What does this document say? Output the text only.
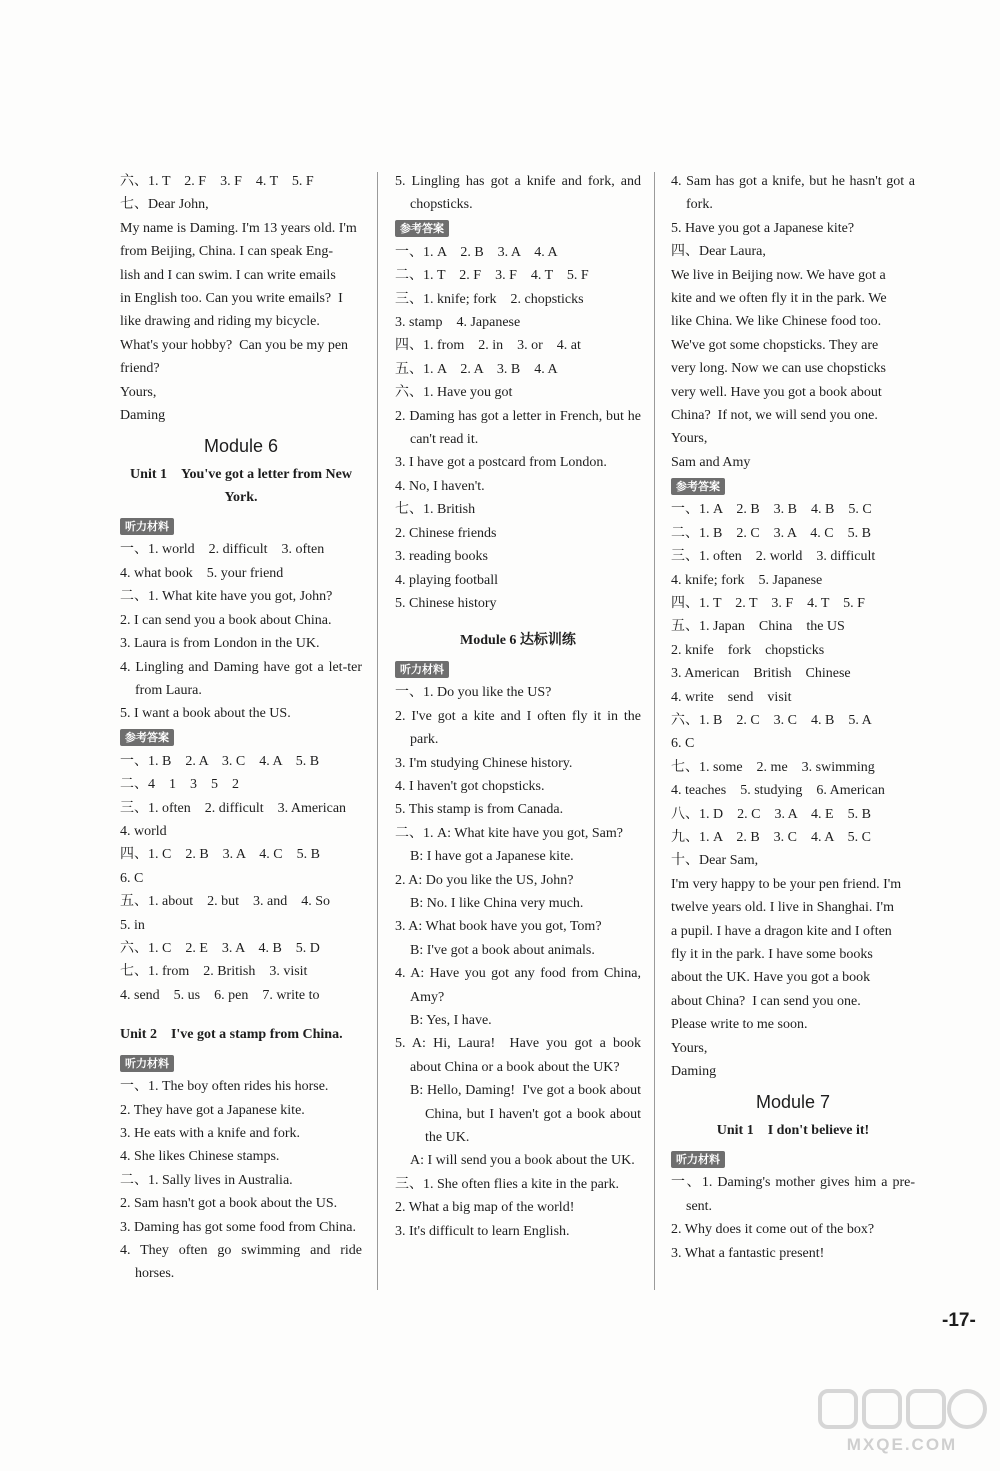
六、1. T　2. F　3. F　4. T　5. F
七、Dear John,
My name is Daming. I'm 13 years old. I'm
from Beijing, China. I can speak Eng-
lish and I can swim. I can write emails
in English too. Can you write emails?  I
like drawing and riding my bicycle.
What's your hobby?  Can you be my pen
friend?
Yours,
Daming
Module 6
Unit 1　You've got a letter from New York.
听力材料
一、1. world　2. difficult　3. often
4. what book　5. your friend
二、1. What kite have you got, John?
2. I can send you a book about China.
3. Laura is from London in the UK.
4. Lingling and Daming have got a let-ter from Laura.
5. I want a book about the US.
参考答案
一、1. B　2. A　3. C　4. A　5. B
二、4　1　3　5　2
三、1. often　2. difficult　3. American
4. world
四、1. C　2. B　3. A　4. C　5. B
6. C
五、1. about　2. but　3. and　4. So
5. in
六、1. C　2. E　3. A　4. B　5. D
七、1. from　2. British　3. visit
4. send　5. us　6. pen　7. write to
Unit 2　I've got a stamp from China.
听力材料
一、1. The boy often rides his horse.
2. They have got a Japanese kite.
3. He eats with a knife and fork.
4. She likes Chinese stamps.
二、1. Sally lives in Australia.
2. Sam hasn't got a book about the US.
3. Daming has got some food from China.
4. They often go swimming and ride horses.
5. Lingling has got a knife and fork, and chopsticks.
参考答案
一、1. A　2. B　3. A　4. A
二、1. T　2. F　3. F　4. T　5. F
三、1. knife; fork　2. chopsticks
3. stamp　4. Japanese
四、1. from　2. in　3. or　4. at
五、1. A　2. A　3. B　4. A
六、1. Have you got
2. Daming has got a letter in French, but he can't read it.
3. I have got a postcard from London.
4. No, I haven't.
七、1. British
2. Chinese friends
3. reading books
4. playing football
5. Chinese history
Module 6 达标训练
听力材料
一、1. Do you like the US?
2. I've got a kite and I often fly it in the park.
3. I'm studying Chinese history.
4. I haven't got chopsticks.
5. This stamp is from Canada.
二、1. A: What kite have you got, Sam?
B: I have got a Japanese kite.
2. A: Do you like the US, John?
B: No. I like China very much.
3. A: What book have you got, Tom?
B: I've got a book about animals.
4. A: Have you got any food from China, Amy?
B: Yes, I have.
5. A: Hi, Laura!  Have you got a book about China or a book about the UK?
B: Hello, Daming!  I've got a book about China, but I haven't got a book about the UK.
A: I will send you a book about the UK.
三、1. She often flies a kite in the park.
2. What a big map of the world!
3. It's difficult to learn English.
4. Sam has got a knife, but he hasn't got a fork.
5. Have you got a Japanese kite?
四、Dear Laura,
We live in Beijing now. We have got a
kite and we often fly it in the park. We
like China. We like Chinese food too.
We've got some chopsticks. They are
very long. Now we can use chopsticks
very well. Have you got a book about
China?  If not, we will send you one.
Yours,
Sam and Amy
参考答案
一、1. A　2. B　3. B　4. B　5. C
二、1. B　2. C　3. A　4. C　5. B
三、1. often　2. world　3. difficult
4. knife; fork　5. Japanese
四、1. T　2. T　3. F　4. T　5. F
五、1. Japan　China　the US
2. knife　fork　chopsticks
3. American　British　Chinese
4. write　send　visit
六、1. B　2. C　3. C　4. B　5. A
6. C
七、1. some　2. me　3. swimming
4. teaches　5. studying　6. American
八、1. D　2. C　3. A　4. E　5. B
九、1. A　2. B　3. C　4. A　5. C
十、Dear Sam,
I'm very happy to be your pen friend. I'm
twelve years old. I live in Shanghai. I'm
a pupil. I have a dragon kite and I often
fly it in the park. I have some books
about the UK. Have you got a book
about China?  I can send you one.
Please write to me soon.
Yours,
Daming
Module 7
Unit 1　I don't believe it!
听力材料
一、1. Daming's mother gives him a pre-sent.
2. Why does it come out of the box?
3. What a fantastic present!
-17-
MXQE.COM
